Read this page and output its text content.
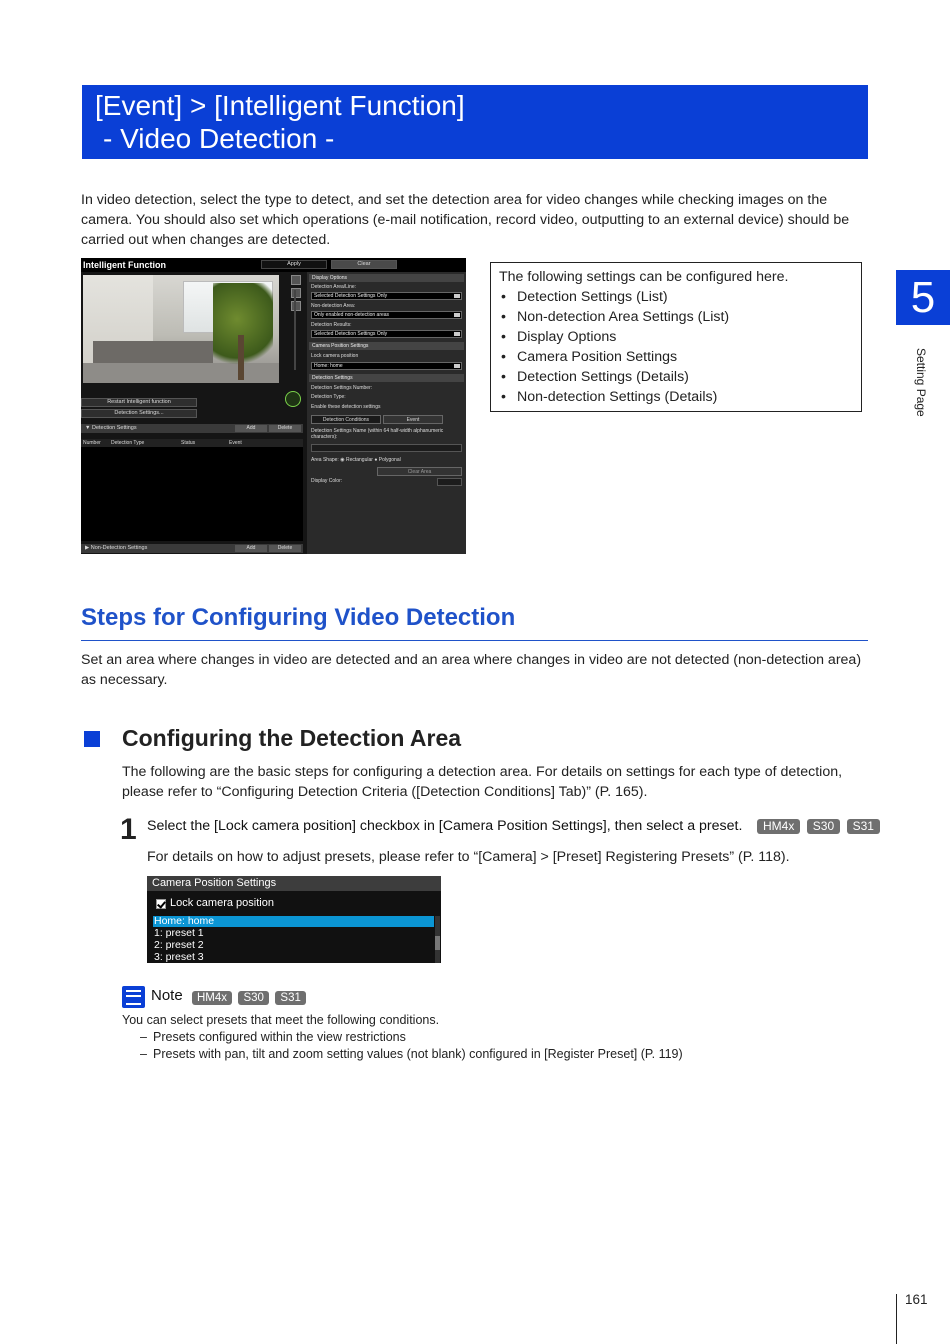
[Event] > [Intelligent Function]
- Video Detection -

In video detection, select the type to detect, and set the detection area for video changes while checking images on the camera. You should also set which operations (e-mail notification, record video, outputting to an external device) should be carried out when changes are detected.

Intelligent Function	Apply	Clear
Restart Intelligent function
Detection Settings...
▼ Detection Settings	Add	Delete
Number Detection Type	Status	Event
▶ Non-Detection Settings	Add	Delete
Display Options
Detection Area/Line:
Selected Detection Settings Only
Non-detection Area:
Only enabled non-detection areas
Detection Results:
Selected Detection Settings Only
Camera Position Settings
Lock camera position
Home: home
Detection Settings
Detection Settings Number:
Detection Type:
Enable these detection settings
Detection Conditions	Event
Detection Settings Name (within 64 half-width alphanumeric characters):
Area Shape: ◉ Rectangular ● Polygonal
Clear Area
Display Color:

The following settings can be configured here.

• Detection Settings (List)
• Non-detection Area Settings (List)
• Display Options
• Camera Position Settings
• Detection Settings (Details)
• Non-detection Settings (Details)
5
Setting Page
Steps for Configuring Video Detection

Set an area where changes in video are detected and an area where changes in video are not detected (non-detection area) as necessary.

Configuring the Detection Area

The following are the basic steps for configuring a detection area. For details on settings for each type of detection, please refer to “Configuring Detection Criteria ([Detection Conditions] Tab)” (P. 165).

1 Select the [Lock camera position] checkbox in [Camera Position Settings], then select a preset.	HM4x S30 S31

For details on how to adjust presets, please refer to “[Camera] > [Preset] Registering Presets” (P. 118).

Camera Position Settings
Lock camera position
Home: home
1: preset 1
2: preset 2
3: preset 3
Note	HM4x S30 S31

You can select presets that meet the following conditions.

– Presets configured within the view restrictions
– Presets with pan, tilt and zoom setting values (not blank) configured in [Register Preset] (P. 119)
161
